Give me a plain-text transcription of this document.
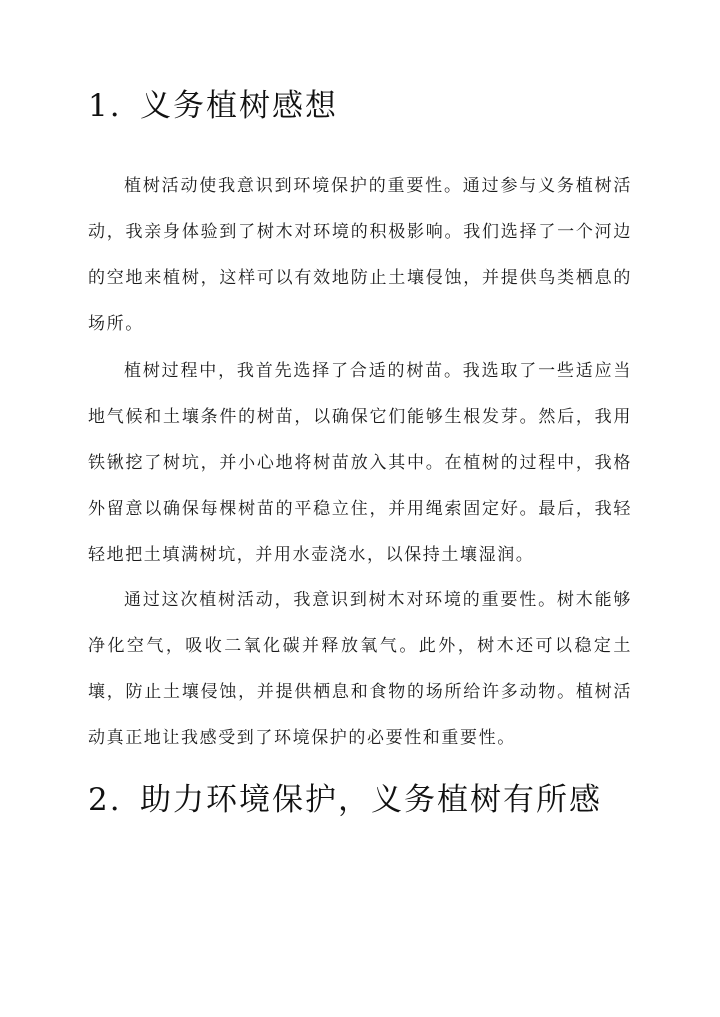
1. 义务植树感想

植树活动使我意识到环境保护的重要性。通过参与义务植树活动，我亲身体验到了树木对环境的积极影响。我们选择了一个河边的空地来植树，这样可以有效地防止土壤侵蚀，并提供鸟类栖息的场所。

植树过程中，我首先选择了合适的树苗。我选取了一些适应当地气候和土壤条件的树苗，以确保它们能够生根发芽。然后，我用铁锹挖了树坑，并小心地将树苗放入其中。在植树的过程中，我格外留意以确保每棵树苗的平稳立住，并用绳索固定好。最后，我轻轻地把土填满树坑，并用水壶浇水，以保持土壤湿润。

通过这次植树活动，我意识到树木对环境的重要性。树木能够净化空气，吸收二氧化碳并释放氧气。此外，树木还可以稳定土壤，防止土壤侵蚀，并提供栖息和食物的场所给许多动物。植树活动真正地让我感受到了环境保护的必要性和重要性。

2. 助力环境保护，义务植树有所感
